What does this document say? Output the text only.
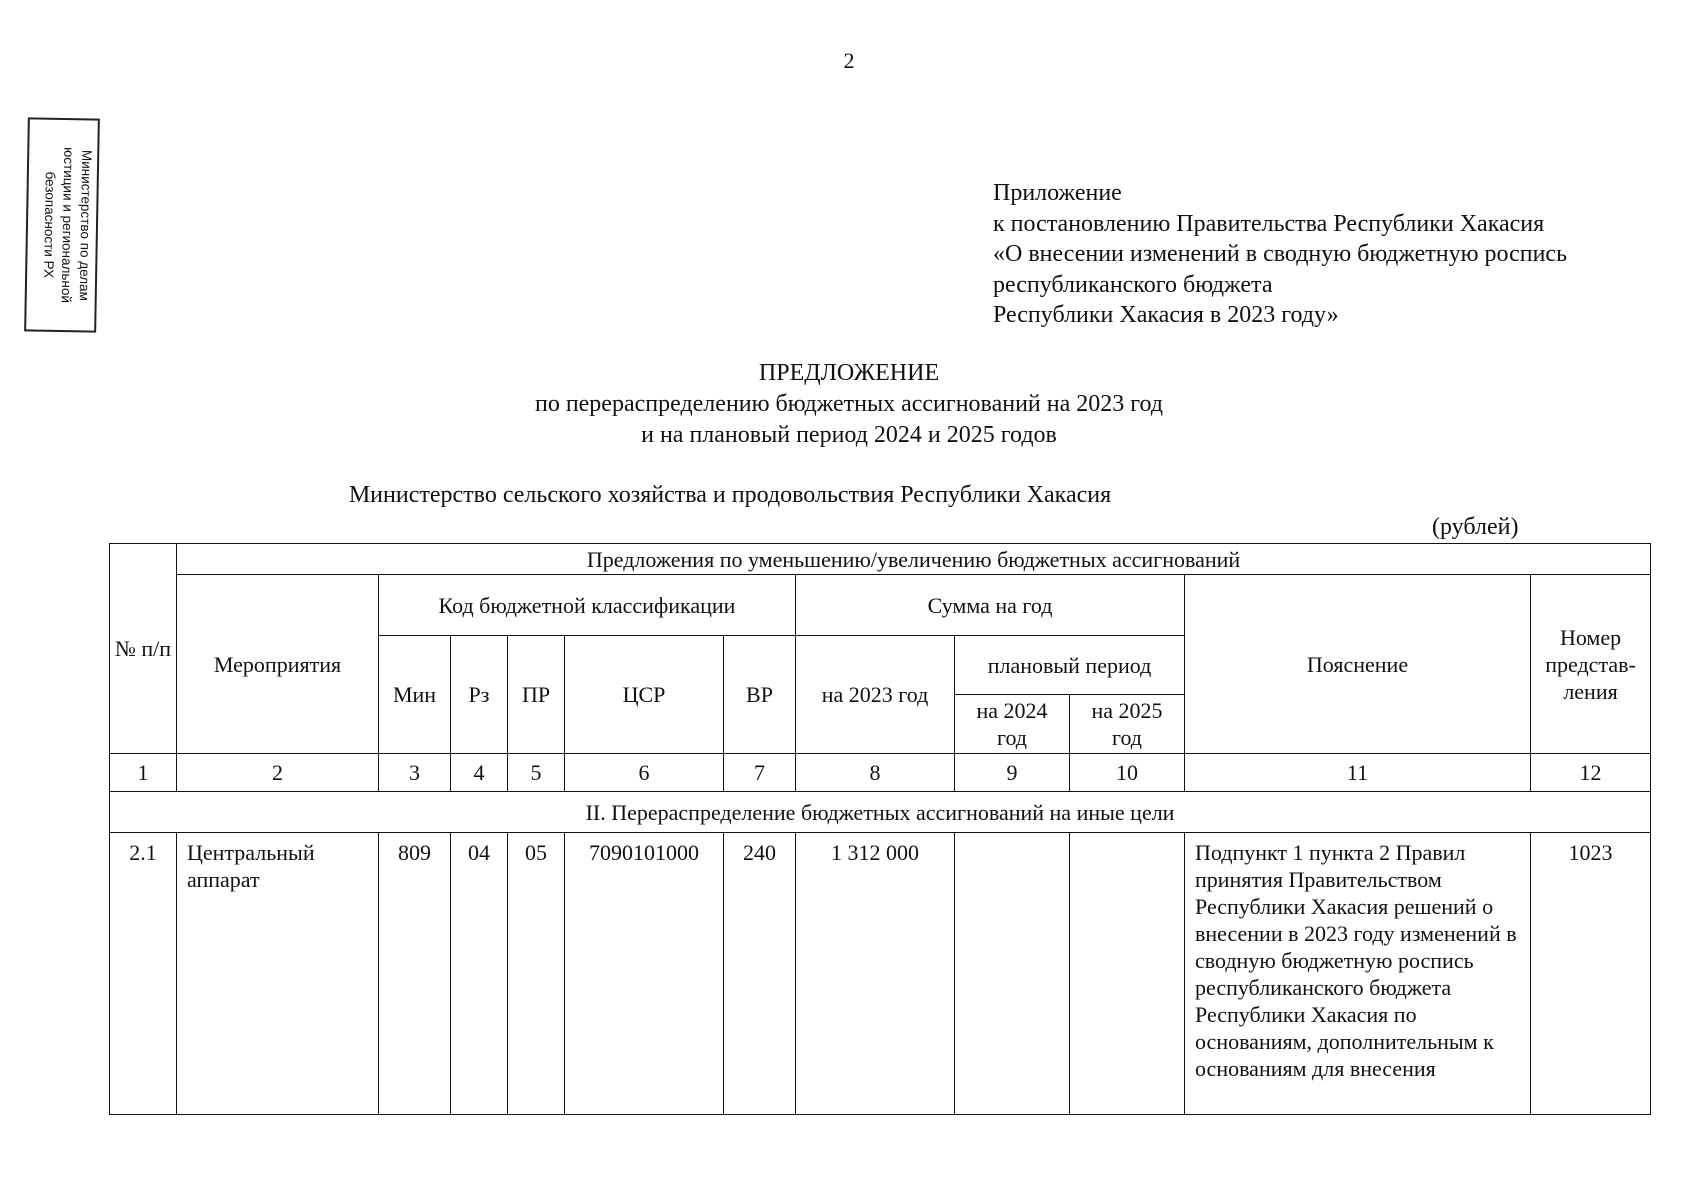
2
Министерство по делам
юстиции и региональной
безопасности РХ	Приложение
к постановлению Правительства Республики Хакасия
«О внесении изменений в сводную бюджетную роспись
республиканского бюджета
Республики Хакасия в 2023 году»
ПРЕДЛОЖЕНИЕ
по перераспределению бюджетных ассигнований на 2023 год
и на плановый период 2024 и 2025 годов
Министерство сельского хозяйства и продовольствия Республики Хакасия
(рублей)
№ п/п	Предложения по уменьшению/увеличению бюджетных ассигнований										
	Мероприятия	Код бюджетной классификации					Сумма на год			Пояснение	Номер представ-ления
		Мин	Рз	ПР	ЦСР	ВР	на 2023 год	плановый период			
								на 2024 год	на 2025 год		
1	2	3	4	5	6	7	8	9	10	11	12
II. Перераспределение бюджетных ассигнований на иные цели											
2.1	Центральный аппарат	809	04	05	7090101000	240	1 312 000			Подпункт 1 пункта 2 Правил принятия Правительством Республики Хакасия решений о внесении в 2023 году изменений в сводную бюджетную роспись республиканского бюджета Республики Хакасия по основаниям, дополнительным к основаниям для внесения	1023
